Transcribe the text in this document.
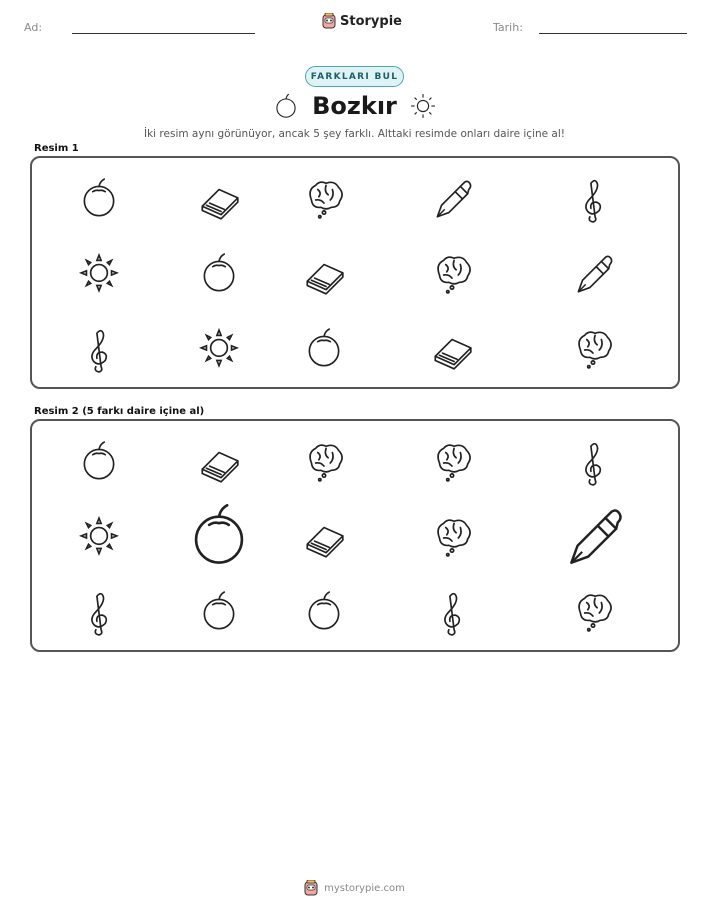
Ad:	Storypie	Tarih:
FARKLARI BUL
Bozkır
İki resim aynı görünüyor, ancak 5 şey farklı. Alttaki resimde onları daire içine al!
Resim 1
Resim 2 (5 farkı daire içine al)
mystorypie.com
